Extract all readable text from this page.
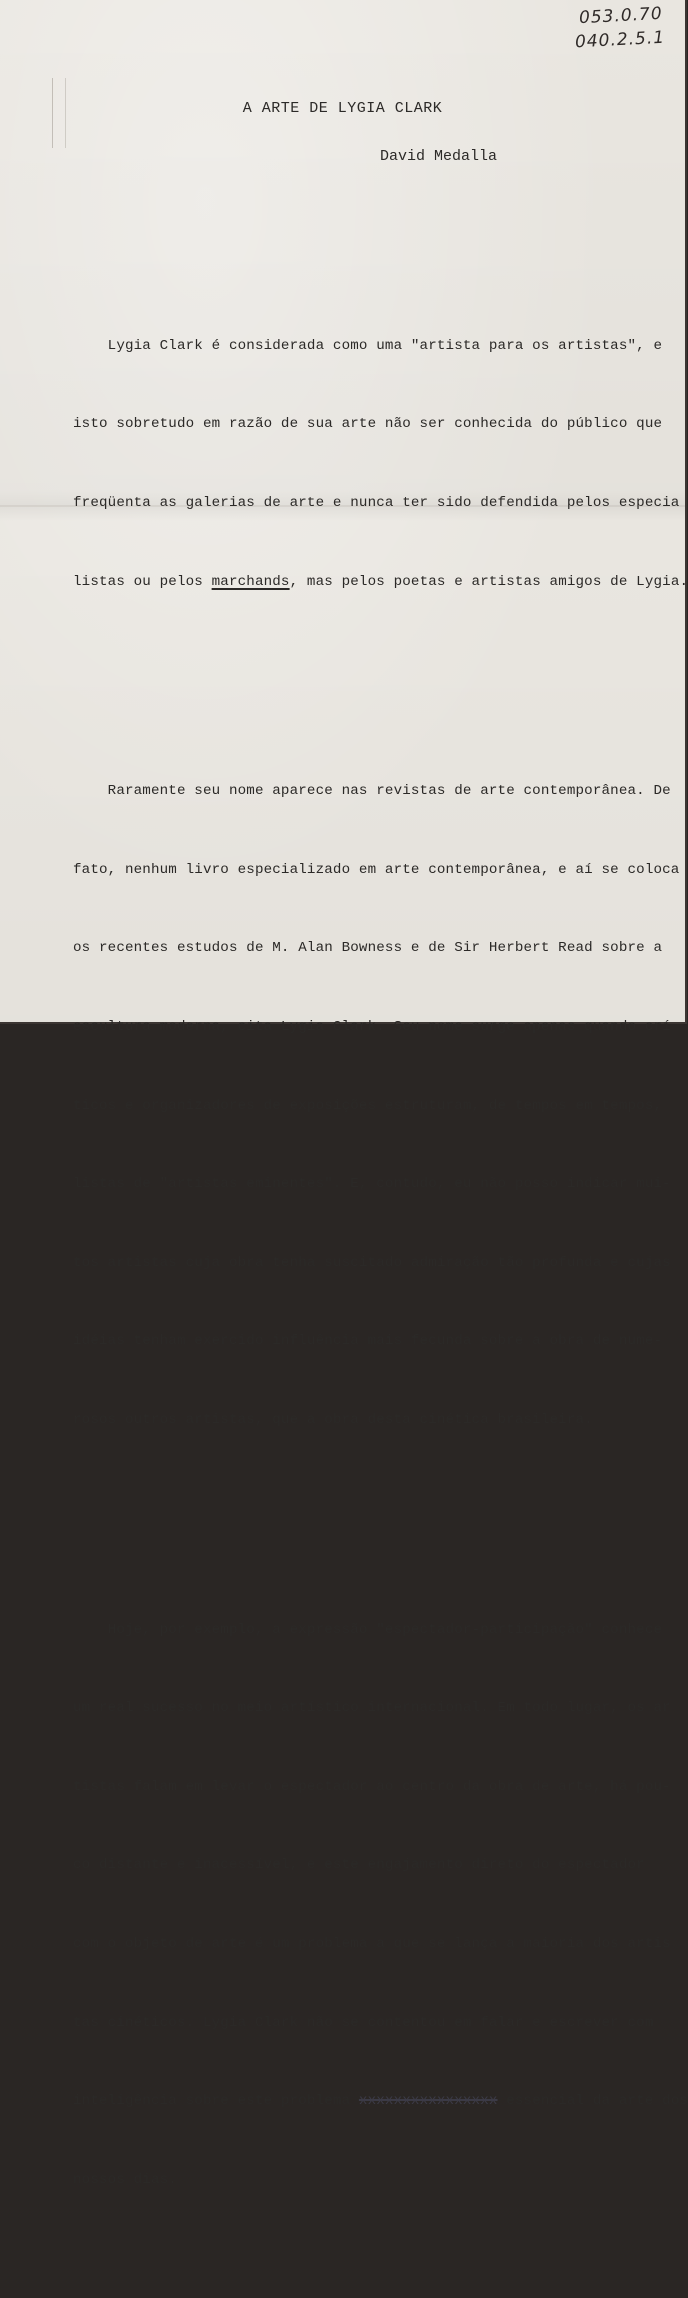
053.0.70
040.2.5.1
A ARTE DE LYGIA CLARK
David Medalla

Lygia Clark é considerada como uma "artista para os artistas", e

isto sobretudo em razão de sua arte não ser conhecida do público que

freqüenta as galerias de arte e nunca ter sido defendida pelos especia

listas ou pelos marchands, mas pelos poetas e artistas amigos de Lygia.

Raramente seu nome aparece nas revistas de arte contemporânea. De

fato, nenhum livro especializado em arte contemporânea, e aí se coloca

os recentes estudos de M. Alan Bowness e de Sir Herbert Read sobre a

escultura moderna, cita Lygia Clark. Seu nome surge apenas quando crí

ticos e organizadores de exposições estruturam, de tempos em tempos,

listas de "artistas eminentes". E, contudo, eu não posso indicar mui-

tos artistas cuja obra tenha suscitado admiração tão profunda e cujas

idéias tenham exercido influência mais fecunda sobre a obra de nume-

rosos outros artistas, que a obra desta cinética brasileira.

Hoje, por exemplo, a expressão "espectador-participação" conhece

um real sucesso no meio artístico internacional. Em todo lugar, os ar

tistas falam em levar o espectador ao centro da obra de arte, há pou-

co distante e inacessível, e este engajamento direto do espectador

com o objeto de arte é um problema a que se lança a maioria dos artis

tas cinéticos. Lygia Clark não se contentou em falar e escrever com

inteligência sobre este problema xxxxxxxxxxxxxxxx essencial da arte dos

nossos dias.
